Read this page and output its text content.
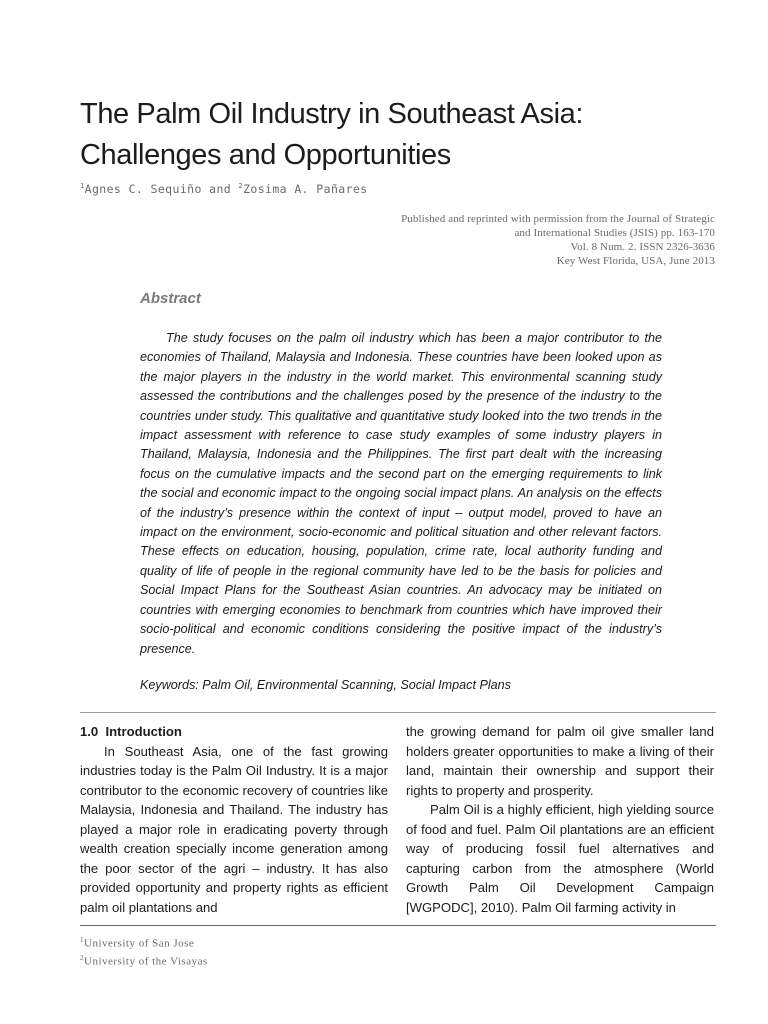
The Palm Oil Industry in Southeast Asia: Challenges and Opportunities
$^1$Agnes C. Sequiño and $^2$Zosima A. Pañares
Published and reprinted with permission from the Journal of Strategic
and International Studies (JSIS) pp. 163-170
Vol. 8 Num. 2. ISSN 2326-3636
Key West Florida, USA, June 2013
Abstract
The study focuses on the palm oil industry which has been a major contributor to the economies of Thailand, Malaysia and Indonesia. These countries have been looked upon as the major players in the industry in the world market. This environmental scanning study assessed the contributions and the challenges posed by the presence of the industry to the countries under study. This qualitative and quantitative study looked into the two trends in the impact assessment with reference to case study examples of some industry players in Thailand, Malaysia, Indonesia and the Philippines. The first part dealt with the increasing focus on the cumulative impacts and the second part on the emerging requirements to link the social and economic impact to the ongoing social impact plans. An analysis on the effects of the industry’s presence within the context of input – output model, proved to have an impact on the environment, socio-economic and political situation and other relevant factors. These effects on education, housing, population, crime rate, local authority funding and quality of life of people in the regional community have led to be the basis for policies and Social Impact Plans for the Southeast Asian countries. An advocacy may be initiated on countries with emerging economies to benchmark from countries which have improved their socio-political and economic conditions considering the positive impact of the industry’s presence.
Keywords: Palm Oil, Environmental Scanning, Social Impact Plans

1.0 Introduction

In Southeast Asia, one of the fast growing industries today is the Palm Oil Industry. It is a major contributor to the economic recovery of countries like Malaysia, Indonesia and Thailand. The industry has played a major role in eradicating poverty through wealth creation specially income generation among the poor sector of the agri – industry. It has also provided opportunity and property rights as efficient palm oil plantations and

the growing demand for palm oil give smaller land holders greater opportunities to make a living of their land, maintain their ownership and support their rights to property and prosperity.

Palm Oil is a highly efficient, high yielding source of food and fuel. Palm Oil plantations are an efficient way of producing fossil fuel alternatives and capturing carbon from the atmosphere (World Growth Palm Oil Development Campaign [WGPODC], 2010). Palm Oil farming activity in

$^1$University of San Jose
$^2$University of the Visayas
